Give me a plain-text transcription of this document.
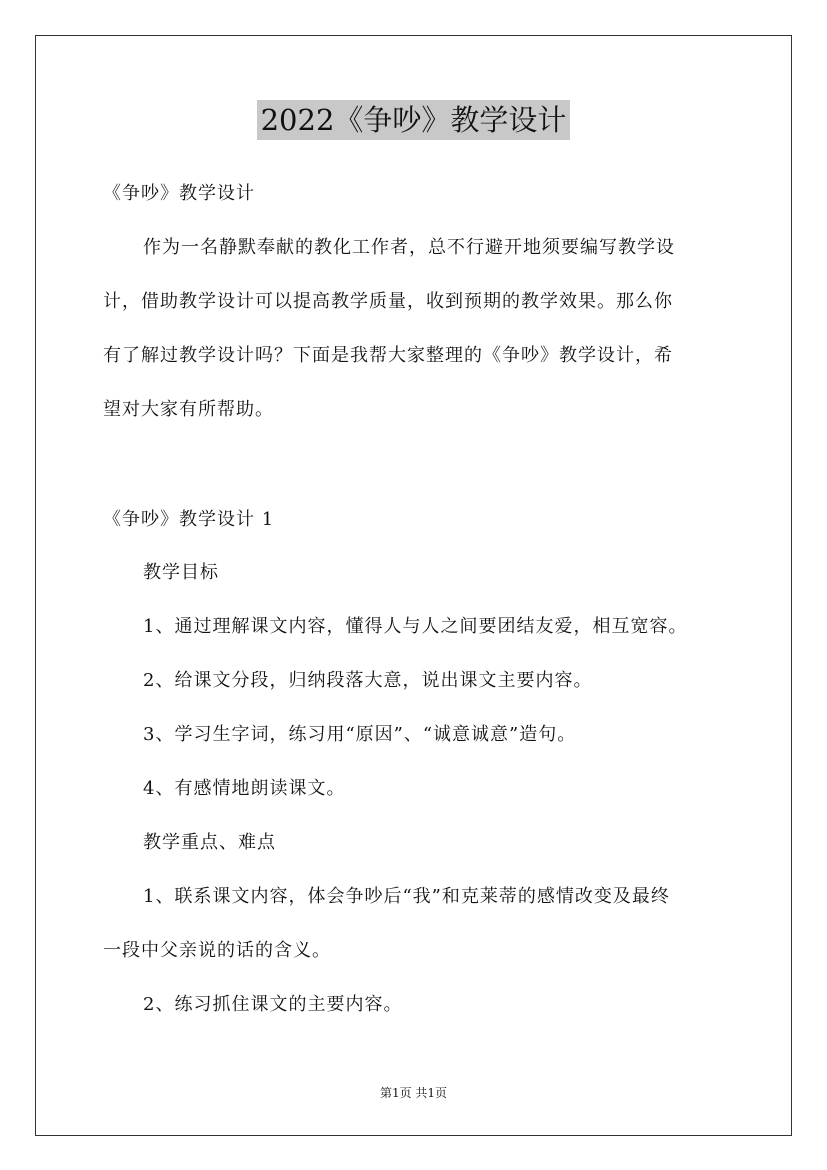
2022《争吵》教学设计
《争吵》教学设计
作为一名静默奉献的教化工作者，总不行避开地须要编写教学设
计，借助教学设计可以提高教学质量，收到预期的教学效果。那么你
有了解过教学设计吗？下面是我帮大家整理的《争吵》教学设计，希
望对大家有所帮助。
《争吵》教学设计 1
教学目标
1、通过理解课文内容，懂得人与人之间要团结友爱，相互宽容。
2、给课文分段，归纳段落大意，说出课文主要内容。
3、学习生字词，练习用“原因”、“诚意诚意”造句。
4、有感情地朗读课文。
教学重点、难点
1、联系课文内容，体会争吵后“我”和克莱蒂的感情改变及最终
一段中父亲说的话的含义。
2、练习抓住课文的主要内容。
第1页 共1页
